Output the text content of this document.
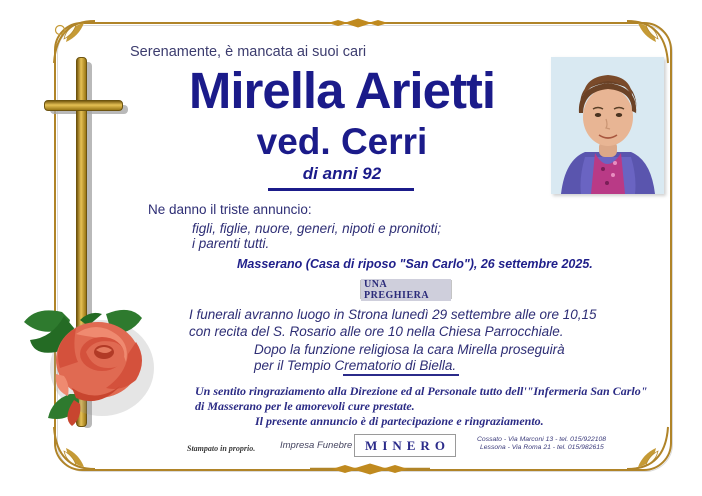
Serenamente, è mancata ai suoi cari
Mirella Arietti
ved. Cerri
di anni 92
Ne danno il triste annuncio:
figli, figlie, nuore, generi, nipoti e pronitoti;
i parenti tutti.
Masserano (Casa di riposo "San Carlo"), 26 settembre 2025.
UNA PREGHIERA
I funerali avranno luogo in Strona lunedì 29 settembre alle ore 10,15
con recita del S. Rosario alle ore 10 nella Chiesa Parrocchiale.
Dopo la funzione religiosa la cara Mirella proseguirà
per il Tempio Crematorio di Biella.
Un sentito ringraziamento alla Direzione ed al Personale tutto dell'"Infermeria San Carlo"
di Masserano per le amorevoli cure prestate.
Il presente annuncio è di partecipazione e ringraziamento.
Stampato in proprio.	Impresa Funebre MINERO	Cossato - Via Marconi 13 - tel. 015/922108
Lessona - Via Roma 21 - tel. 015/982615
